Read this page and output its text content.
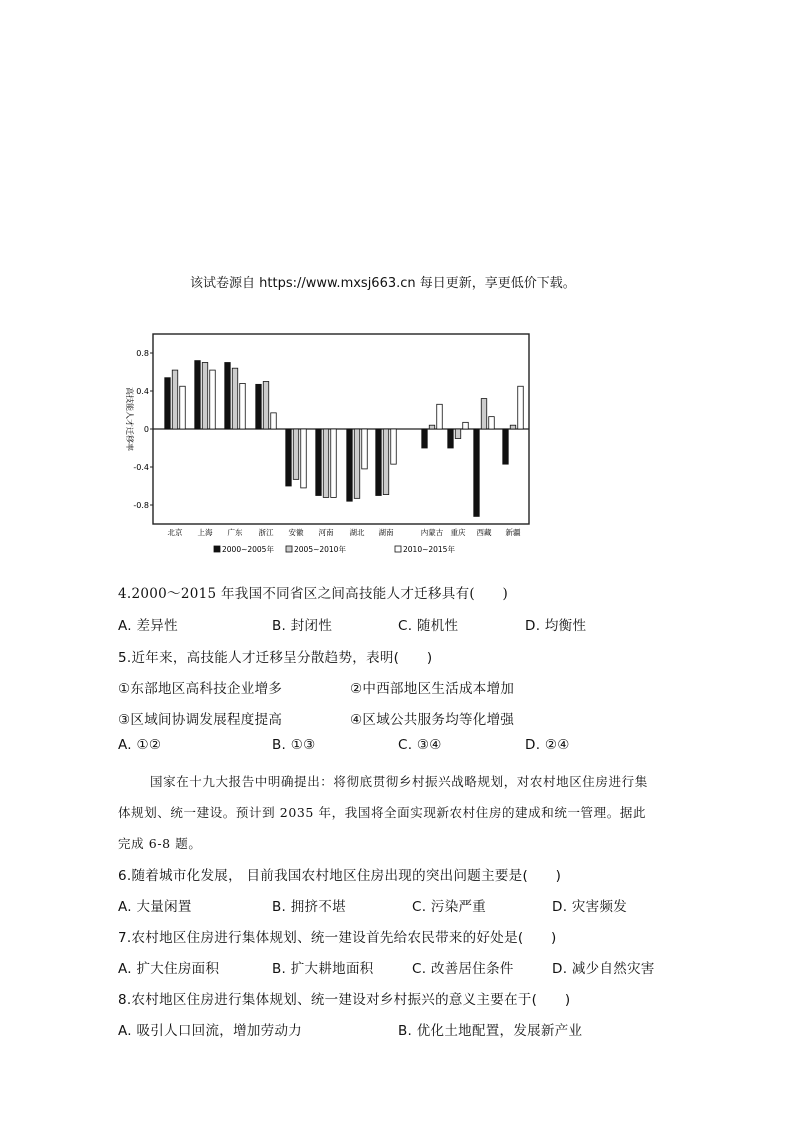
该试卷源自 https://www.mxsj663.cn 每日更新，享更低价下载。
0.8
0.4
0
-0.4
-0.8
高技能人才迁移率
北京 上海 广东 浙江 安徽 河南 湖北 湖南	内蒙古 重庆 西藏 新疆
2000~2005年	2005~2010年	2010~2015年
4.2000～2015 年我国不同省区之间高技能人才迁移具有(　　)
A. 差异性	B. 封闭性	C. 随机性	D. 均衡性
5.近年来，高技能人才迁移呈分散趋势，表明(　　)
①东部地区高科技企业增多	②中西部地区生活成本增加
③区域间协调发展程度提高	④区域公共服务均等化增强
A. ①②	B. ①③	C. ③④	D. ②④
国家在十九大报告中明确提出：将彻底贯彻乡村振兴战略规划，对农村地区住房进行集
体规划、统一建设。预计到 2035 年，我国将全面实现新农村住房的建成和统一管理。据此
完成 6-8 题。
6.随着城市化发展， 目前我国农村地区住房出现的突出问题主要是(　　)
A. 大量闲置	B. 拥挤不堪	C. 污染严重	D. 灾害频发
7.农村地区住房进行集体规划、统一建设首先给农民带来的好处是(　　)
A. 扩大住房面积	B. 扩大耕地面积	C. 改善居住条件	D. 减少自然灾害
8.农村地区住房进行集体规划、统一建设对乡村振兴的意义主要在于(　　)
A. 吸引人口回流，增加劳动力	B. 优化土地配置，发展新产业
